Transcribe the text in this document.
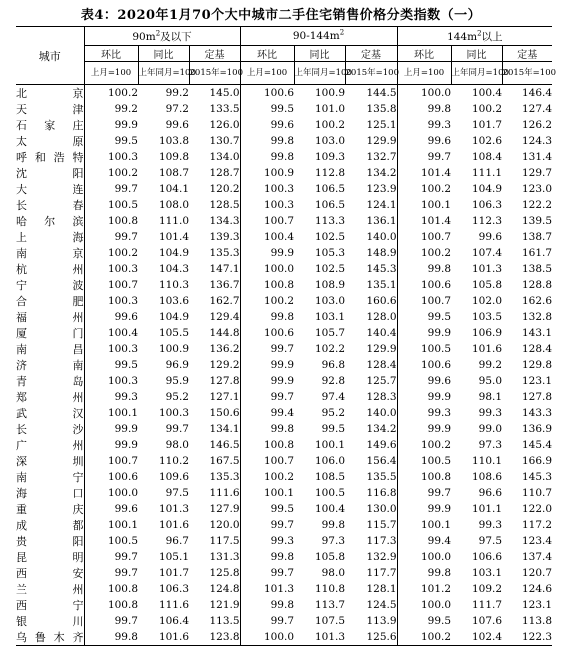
表4：2020年1月70个大中城市二手住宅销售价格分类指数（一）
城市	$90m^2$及以下			$90-144m^2$			$144m^2$以上		
	环比	同比	定基	环比	同比	定基	环比	同比	定基
	上月=100	上年同月=100	2015年=100	上月=100	上年同月=100	2015年=100	上月=100	上年同月=100	2015年=100
北京	100.2	99.2	145.0	100.6	100.9	144.5	100.0	100.4	146.4
天津	99.2	97.2	133.5	99.5	101.0	135.8	99.8	100.2	127.4
石家庄	99.9	99.6	126.0	99.6	100.2	125.1	99.3	101.7	126.2
太原	99.5	103.8	130.7	99.8	103.0	129.9	99.6	102.6	124.3
呼和浩特	100.3	109.8	134.0	99.8	109.3	132.7	99.7	108.4	131.4
沈阳	100.2	108.7	128.7	100.9	112.8	134.2	101.4	111.1	129.7
大连	99.7	104.1	120.2	100.3	106.5	123.9	100.2	104.9	123.0
长春	100.5	108.0	128.5	100.3	106.5	124.1	100.1	106.3	122.2
哈尔滨	100.8	111.0	134.3	100.7	113.3	136.1	101.4	112.3	139.5
上海	99.7	101.4	139.3	100.4	102.5	140.0	100.7	99.6	138.7
南京	100.2	104.9	135.3	99.9	105.3	148.9	100.2	107.4	161.7
杭州	100.3	104.3	147.1	100.0	102.5	145.3	99.8	101.3	138.5
宁波	100.7	110.3	136.7	100.8	108.9	135.1	100.6	105.8	128.8
合肥	100.3	103.6	162.7	100.2	103.0	160.6	100.7	102.0	162.6
福州	99.6	104.9	129.4	99.8	103.1	128.0	99.5	103.5	132.8
厦门	100.4	105.5	144.8	100.6	105.7	140.4	99.9	106.9	143.1
南昌	100.3	100.9	136.2	99.7	102.2	129.9	100.5	101.6	128.4
济南	99.5	96.9	129.2	99.9	96.8	128.4	100.6	99.2	129.8
青岛	100.3	95.9	127.8	99.9	92.8	125.7	99.6	95.0	123.1
郑州	99.3	95.2	127.1	99.7	97.4	128.3	99.9	98.1	127.8
武汉	100.1	100.3	150.6	99.4	95.2	140.0	99.3	99.3	143.3
长沙	99.9	99.7	134.1	99.8	99.5	134.2	99.9	99.0	136.9
广州	99.9	98.0	146.5	100.8	100.1	149.6	100.2	97.3	145.4
深圳	100.7	110.2	167.5	100.7	106.0	156.4	100.5	110.1	166.9
南宁	100.6	109.6	135.3	100.2	108.5	135.5	100.8	108.6	145.3
海口	100.0	97.5	111.6	100.1	100.5	116.8	99.7	96.6	110.7
重庆	99.6	101.3	127.9	99.5	100.4	130.0	99.9	101.1	122.0
成都	100.1	101.6	120.0	99.7	99.8	115.7	100.1	99.3	117.2
贵阳	100.5	96.7	117.5	99.3	97.3	117.3	99.4	97.5	123.4
昆明	99.7	105.1	131.3	99.8	105.8	132.9	100.0	106.6	137.4
西安	99.7	101.7	125.8	99.7	98.0	117.7	99.8	103.1	120.7
兰州	100.8	106.3	124.8	101.3	110.8	128.1	101.2	109.2	124.6
西宁	100.8	111.6	121.9	99.8	113.7	124.5	100.0	111.7	123.1
银川	99.7	106.4	113.5	99.7	107.5	113.9	99.5	107.6	113.8
乌鲁木齐	99.8	101.6	123.8	100.0	101.3	125.6	100.2	102.4	122.3
